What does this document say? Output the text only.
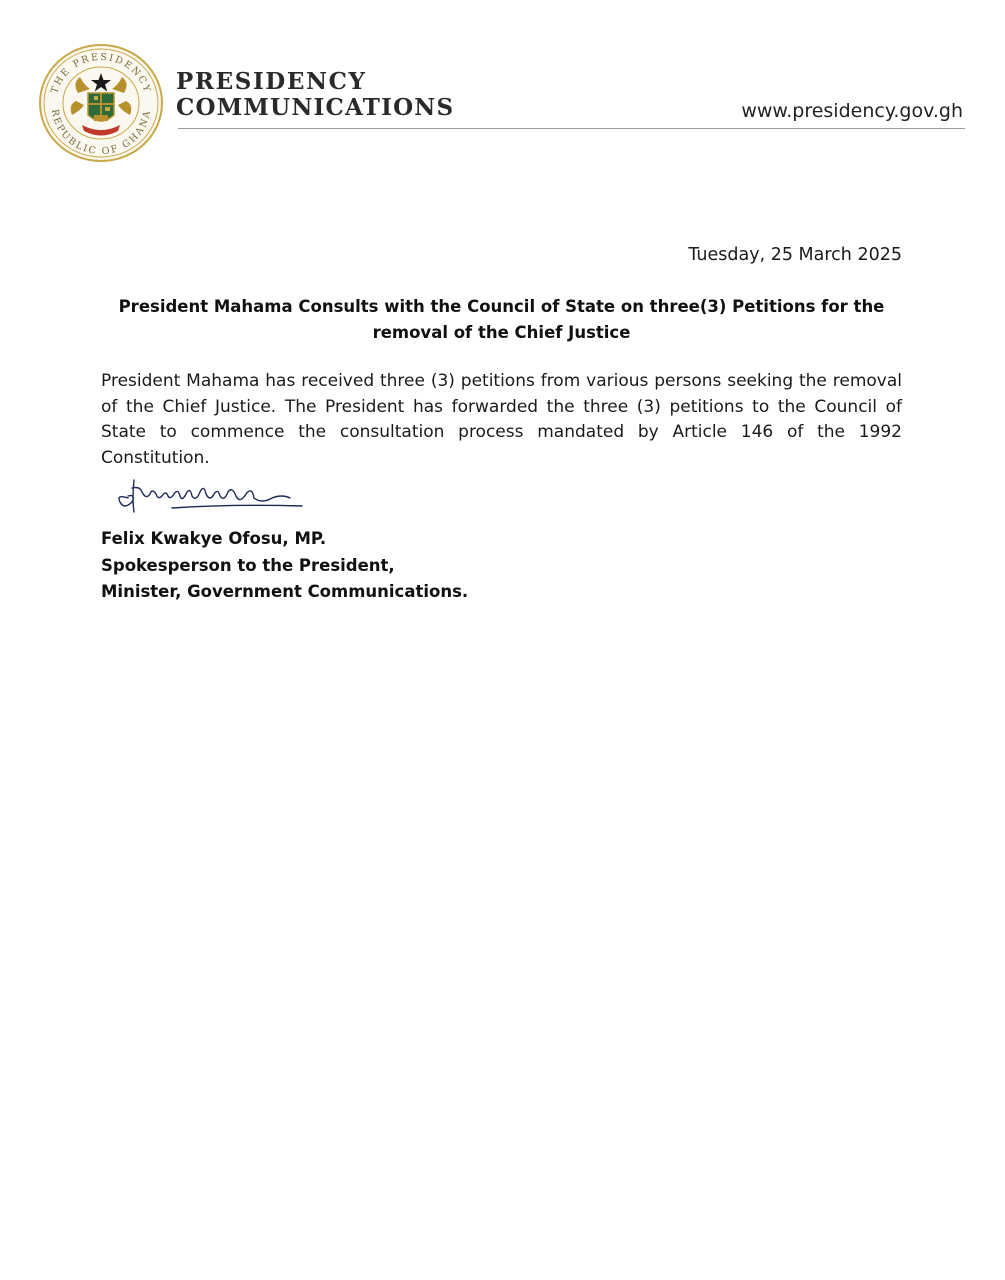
THE PRESIDENCY
REPUBLIC OF GHANA
PRESIDENCY
COMMUNICATIONS	www.presidency.gov.gh
Tuesday, 25 March 2025
President Mahama Consults with the Council of State on three(3) Petitions for the removal of the Chief Justice
President Mahama has received three (3) petitions from various persons seeking the removal of the Chief Justice. The President has forwarded the three (3) petitions to the Council of State to commence the consultation process mandated by Article 146 of the 1992 Constitution.
Felix Kwakye Ofosu, MP.
Spokesperson to the President,
Minister, Government Communications.
